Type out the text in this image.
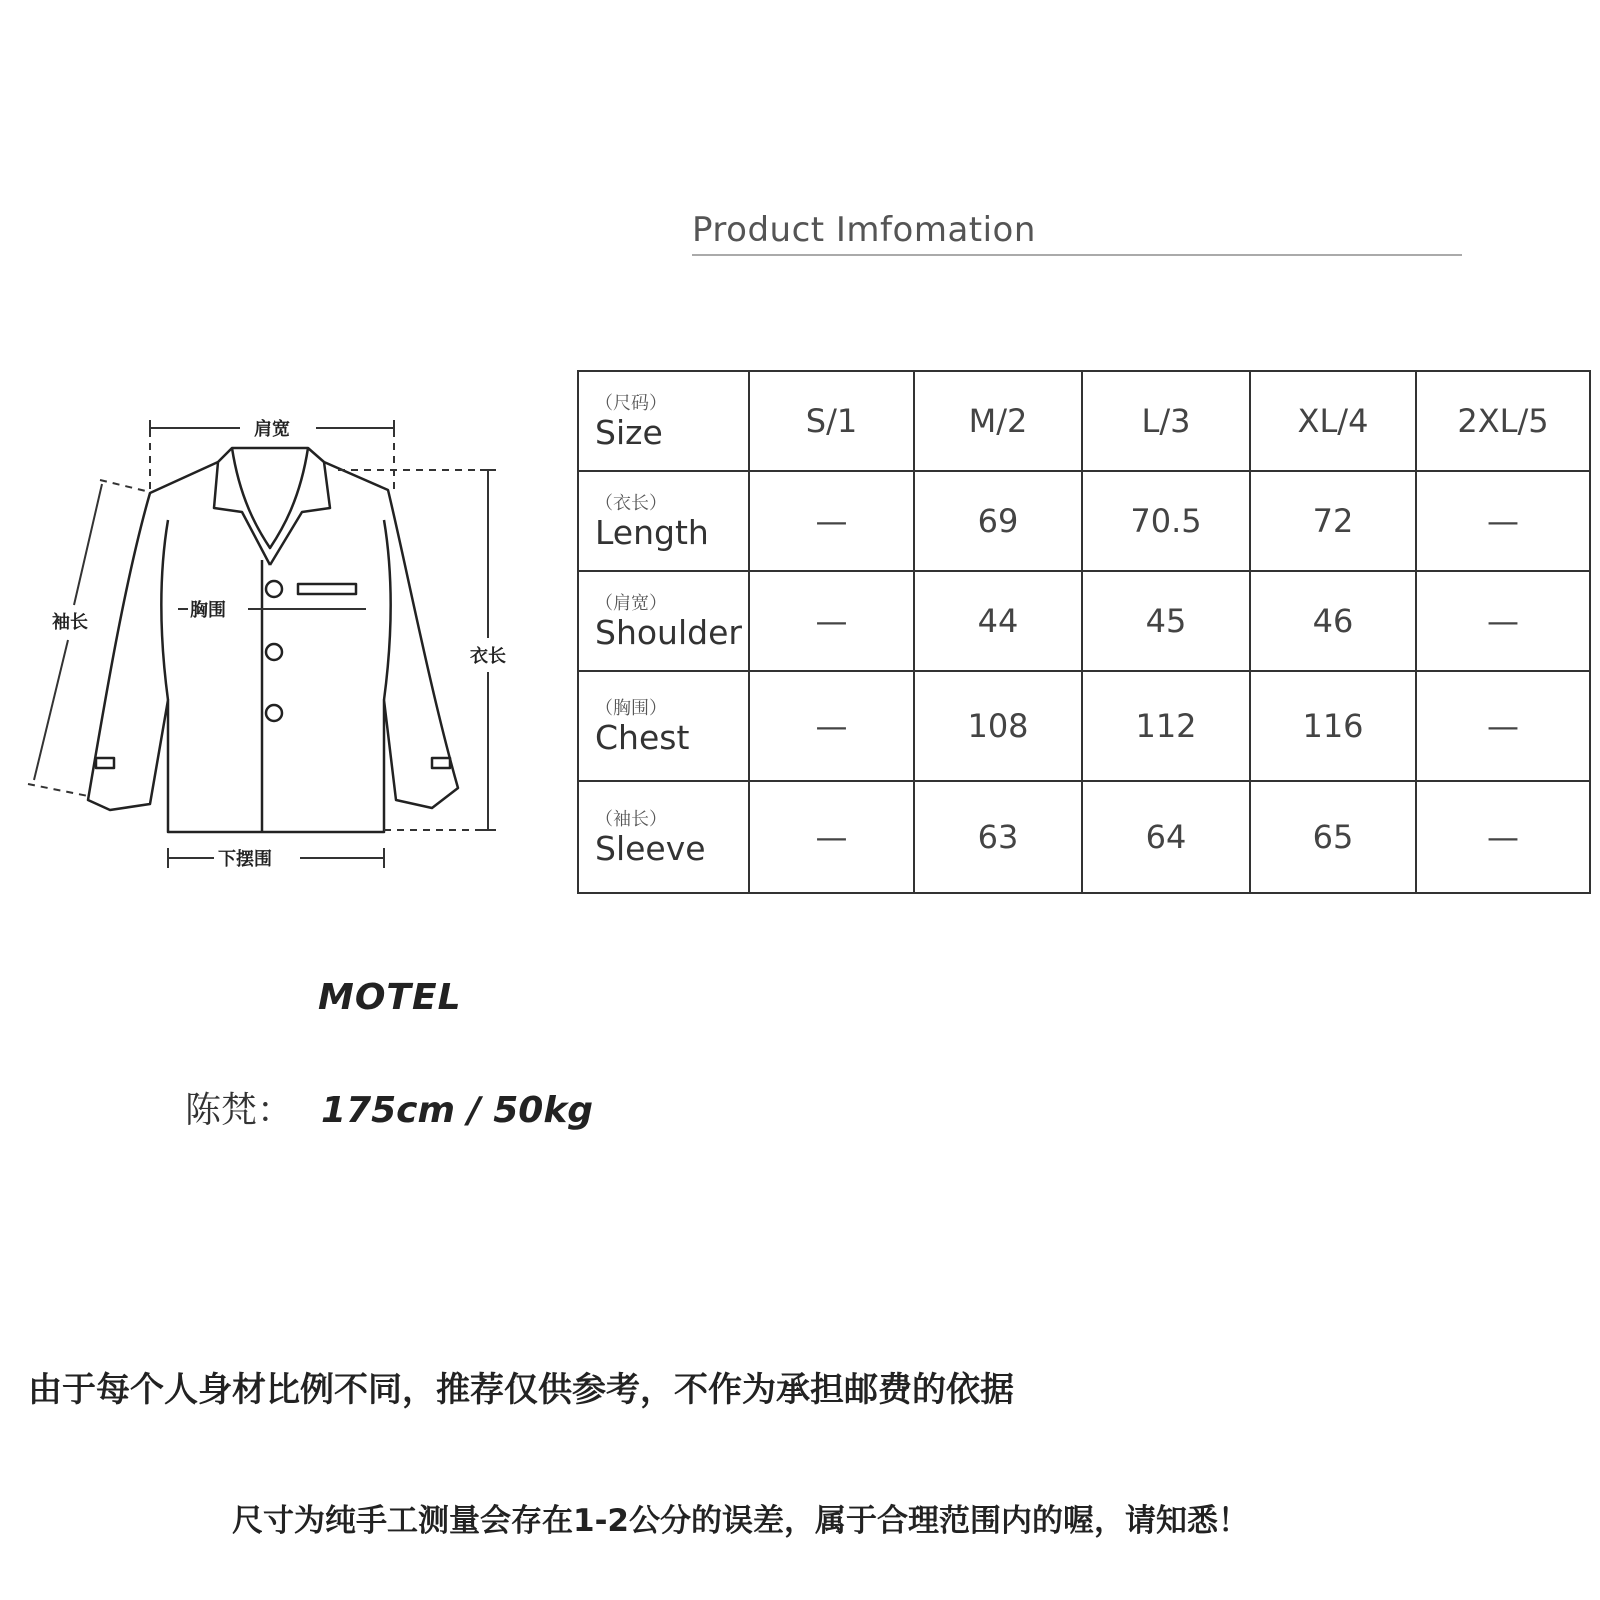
Product Imfomation
肩宽
胸围
袖长
衣长
下摆围
（尺码）
Size	S/1	M/2	L/3	XL/4	2XL/5

（衣长）
Length	—	69	70.5	72	—

（肩宽）
Shoulder	—	44	45	46	—

（胸围）
Chest	—	108	112	116	—

（袖长）
Sleeve	—	63	64	65	—
MOTEL
陈梵： 175cm / 50kg
由于每个人身材比例不同，推荐仅供参考，不作为承担邮费的依据
尺寸为纯手工测量会存在1-2公分的误差，属于合理范围内的喔，请知悉！
